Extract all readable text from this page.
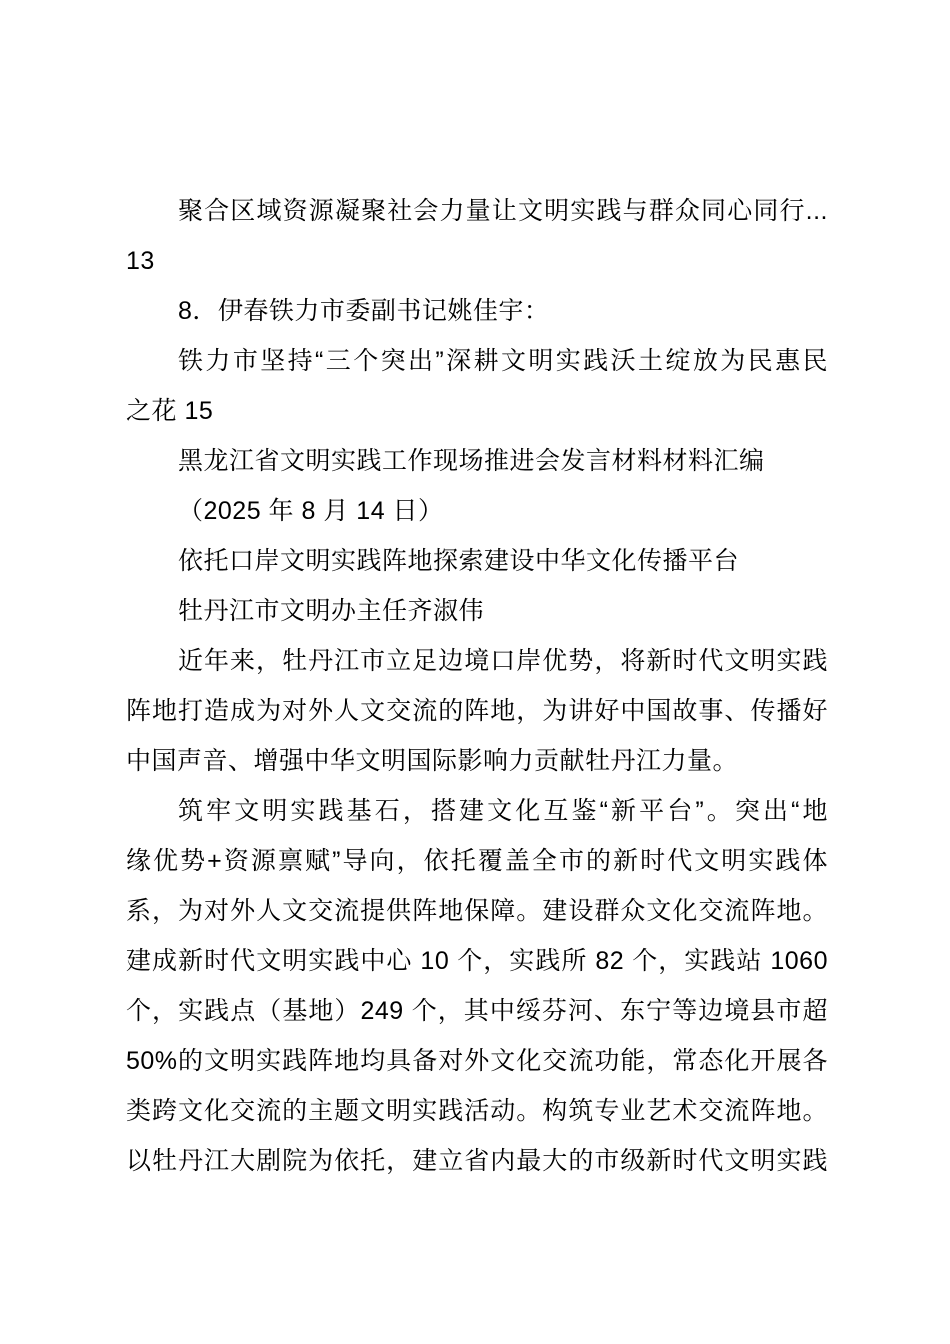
聚合区域资源凝聚社会力量让文明实践与群众同心同行...
13
8．伊春铁力市委副书记姚佳宇：
铁力市坚持“三个突出”深耕文明实践沃土绽放为民惠民
之花 15
黑龙江省文明实践工作现场推进会发言材料材料汇编
（2025 年 8 月 14 日）
依托口岸文明实践阵地探索建设中华文化传播平台
牡丹江市文明办主任齐淑伟
近年来，牡丹江市立足边境口岸优势，将新时代文明实践
阵地打造成为对外人文交流的阵地，为讲好中国故事、传播好
中国声音、增强中华文明国际影响力贡献牡丹江力量。
筑牢文明实践基石，搭建文化互鉴“新平台”。突出“地
缘优势+资源禀赋”导向，依托覆盖全市的新时代文明实践体
系，为对外人文交流提供阵地保障。建设群众文化交流阵地。
建成新时代文明实践中心 10 个，实践所 82 个，实践站 1060
个，实践点（基地）249 个，其中绥芬河、东宁等边境县市超
50%的文明实践阵地均具备对外文化交流功能，常态化开展各
类跨文化交流的主题文明实践活动。构筑专业艺术交流阵地。
以牡丹江大剧院为依托，建立省内最大的市级新时代文明实践
